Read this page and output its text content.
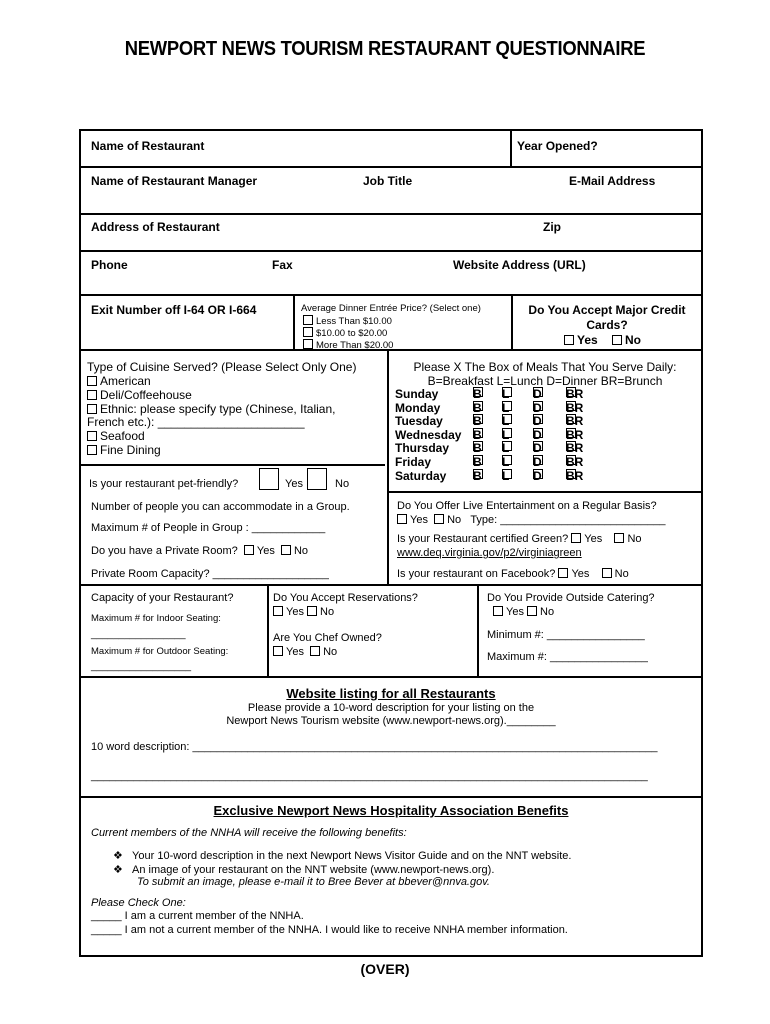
NEWPORT NEWS TOURISM RESTAURANT QUESTIONNAIRE
Name of Restaurant	Year Opened?
Name of Restaurant Manager	Job Title	E-Mail Address
Address of Restaurant	Zip
Phone	Fax	Website Address (URL)
Exit Number off I-64 OR I-664	Average Dinner Entrée Price? (Select one)
Less Than $10.00
$10.00 to $20.00
More Than $20.00
Do You Accept Major Credit
Cards?
Yes	No
Type of Cuisine Served? (Please Select Only One)
American
Deli/Coffeehouse
Ethnic: please specify type (Chinese, Italian,
French etc.): ______________________
Seafood
Fine Dining
Please X The Box of Meals That You Serve Daily:
B=Breakfast L=Lunch D=Dinner BR=Brunch
Sunday	B L D BR
Monday	B L D BR
Tuesday	B L D BR
Wednesday B L D BR
Thursday B L D BR
Friday	B L D BR
Saturday B L D BR
Is your restaurant pet-friendly?	Yes	No
Number of people you can accommodate in a Group.
Maximum # of People in Group : ____________
Do you have a Private Room? Yes No
Private Room Capacity? ___________________
Do You Offer Live Entertainment on a Regular Basis?
Yes No Type: ___________________________
Is your Restaurant certified Green? Yes No
www.deq.virginia.gov/p2/virginiagreen
Is your restaurant on Facebook? Yes No
Capacity of your Restaurant?
Maximum # for Indoor Seating:
_________________
Maximum # for Outdoor Seating:
__________________
Do You Accept Reservations?
Yes No
Are You Chef Owned?
Yes No
Do You Provide Outside Catering?
Yes No
Minimum #: ________________
Maximum #: ________________
Website listing for all Restaurants
Please provide a 10-word description for your listing on the
Newport News Tourism website (www.newport-news.org).________
10 word description: ____________________________________________________________________________
___________________________________________________________________________________________
Exclusive Newport News Hospitality Association Benefits
Current members of the NNHA will receive the following benefits:
❖ Your 10-word description in the next Newport News Visitor Guide and on the NNT website.
❖ An image of your restaurant on the NNT website (www.newport-news.org).
To submit an image, please e-mail it to Bree Bever at bbever@nnva.gov.
Please Check One:
_____ I am a current member of the NNHA.
_____ I am not a current member of the NNHA. I would like to receive NNHA member information.
(OVER)
